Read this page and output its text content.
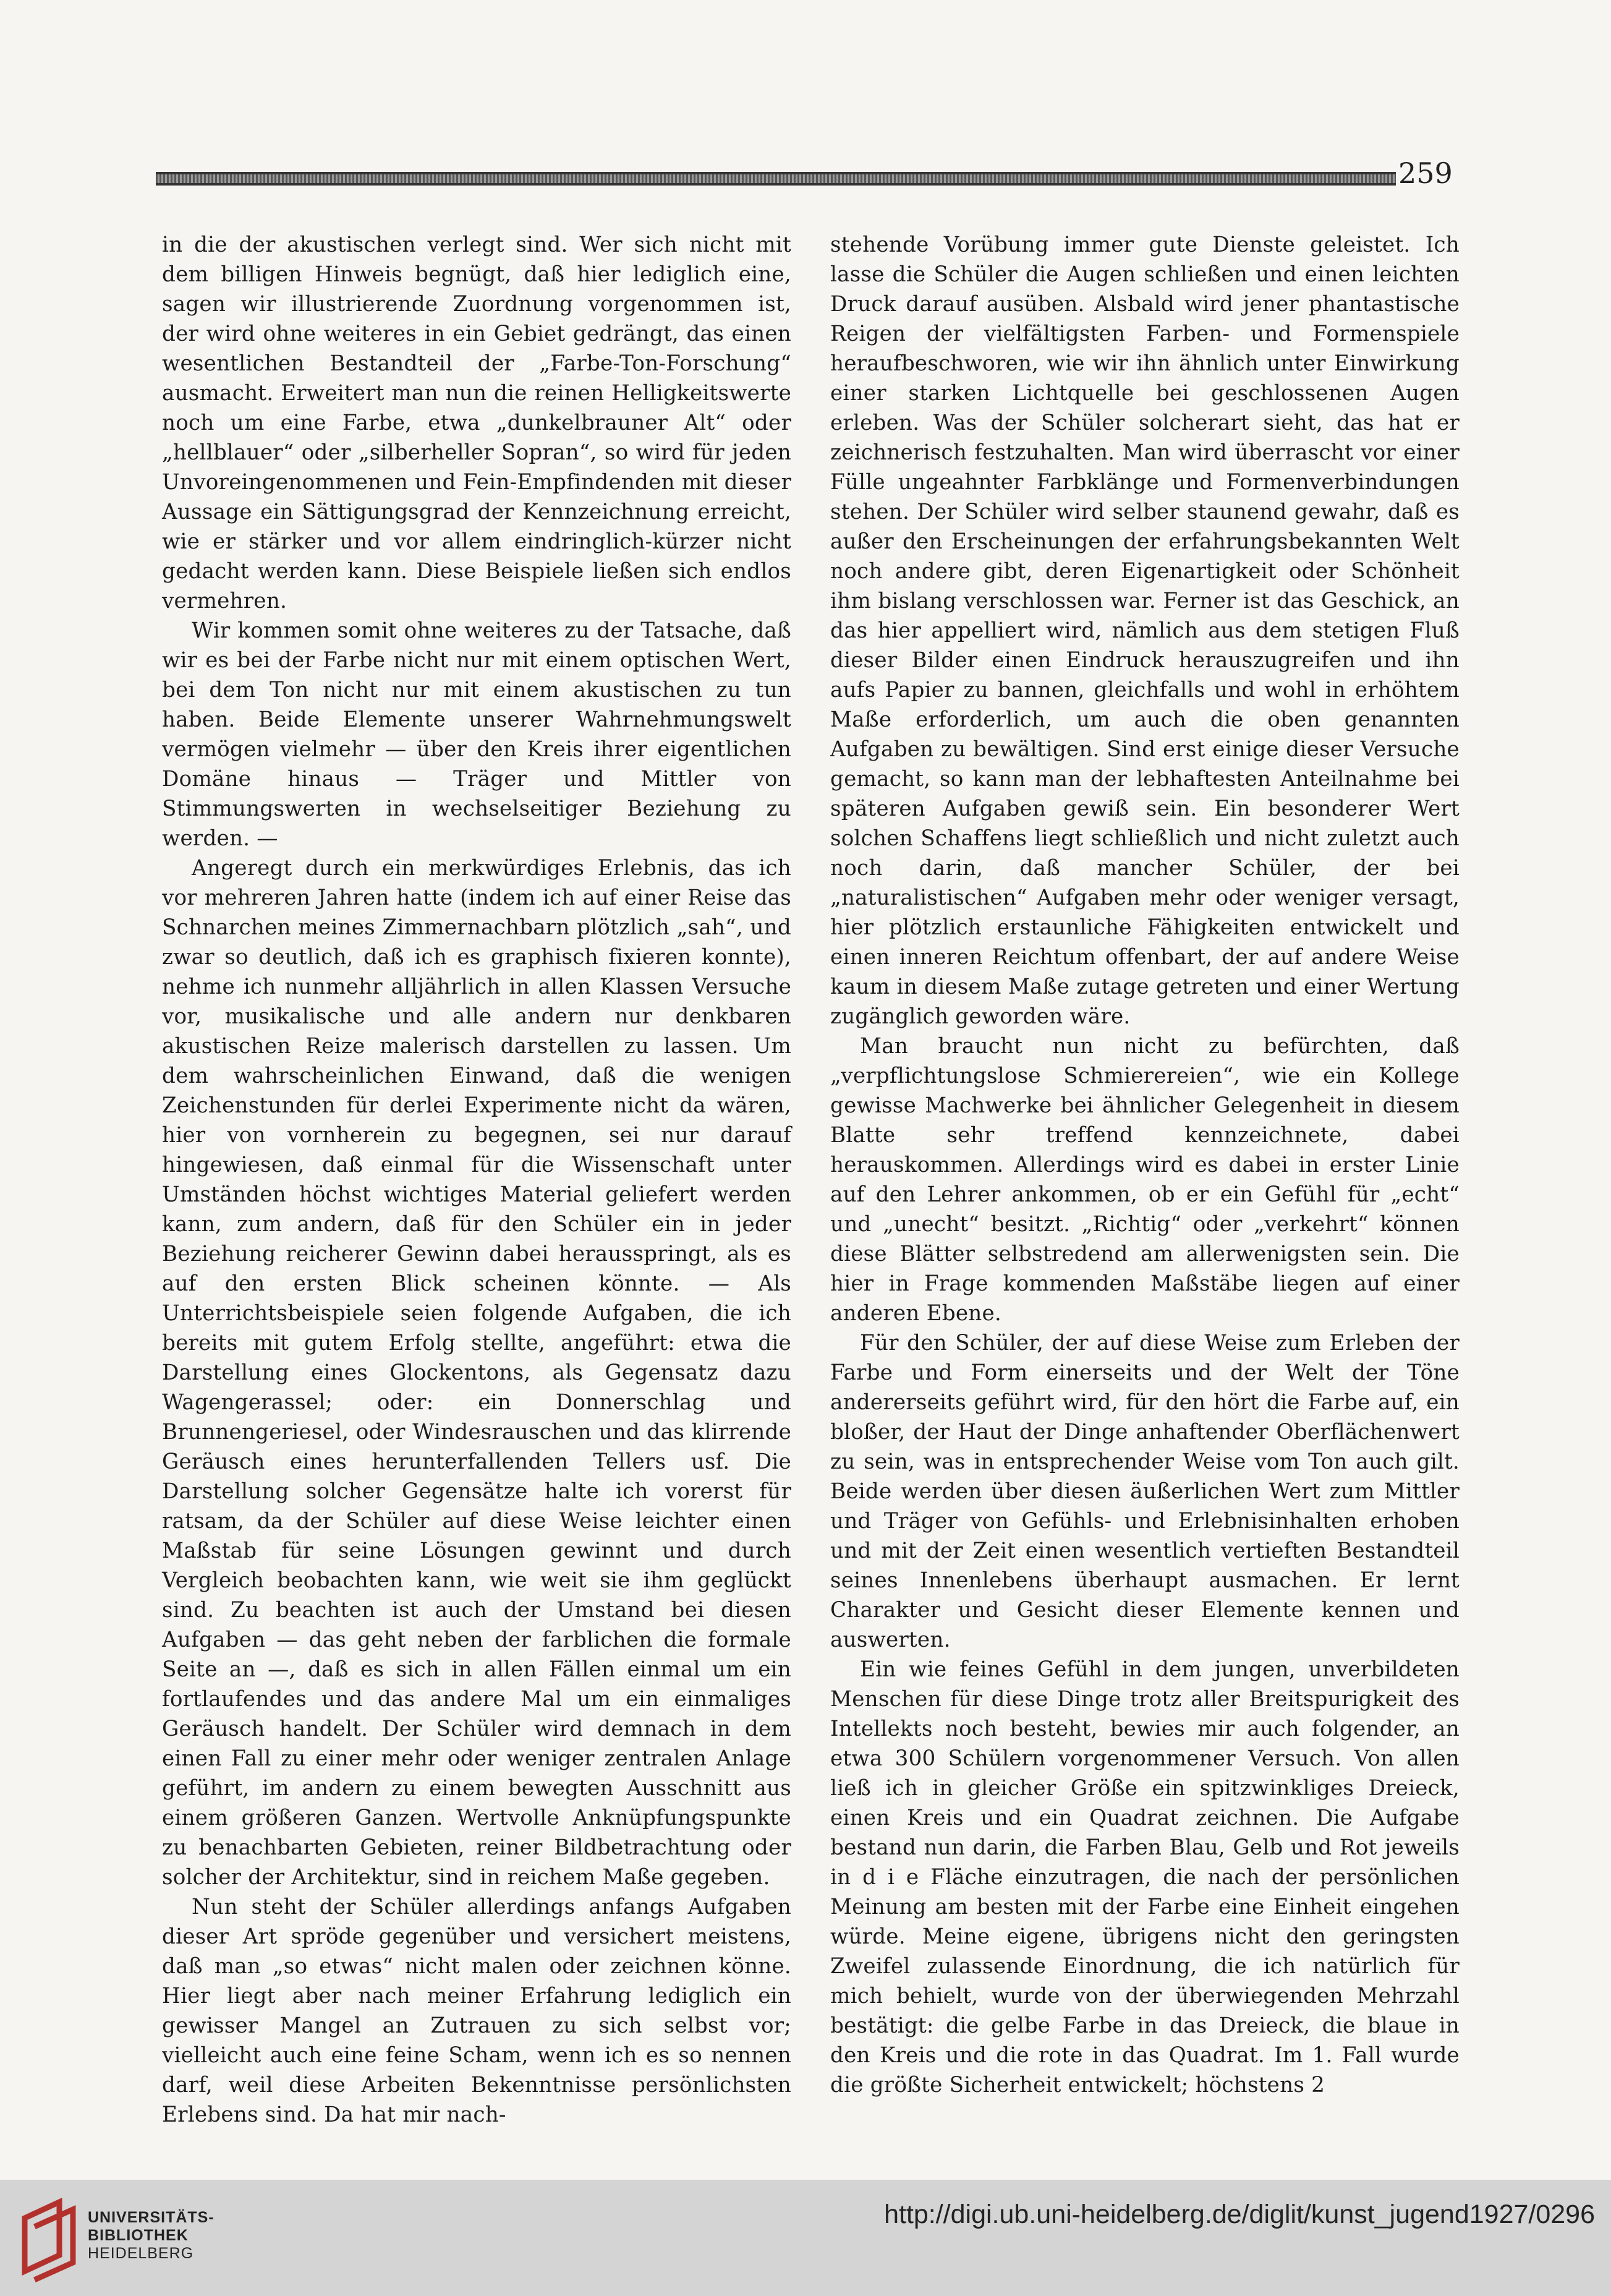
259

in die der akustischen verlegt sind. Wer sich nicht mit dem billigen Hinweis begnügt, daß hier lediglich eine, sagen wir illustrierende Zuordnung vorgenommen ist, der wird ohne weiteres in ein Gebiet gedrängt, das einen wesentlichen Bestandteil der „Farbe-Ton-Forschung“ ausmacht. Erweitert man nun die reinen Helligkeitswerte noch um eine Farbe, etwa „dunkelbrauner Alt“ oder „hellblauer“ oder „silberheller Sopran“, so wird für jeden Unvoreingenommenen und Fein-Empfindenden mit dieser Aussage ein Sättigungsgrad der Kennzeichnung erreicht, wie er stärker und vor allem eindringlich-kürzer nicht gedacht werden kann. Diese Beispiele ließen sich endlos vermehren.

Wir kommen somit ohne weiteres zu der Tatsache, daß wir es bei der Farbe nicht nur mit einem optischen Wert, bei dem Ton nicht nur mit einem akustischen zu tun haben. Beide Elemente unserer Wahrnehmungswelt vermögen vielmehr — über den Kreis ihrer eigentlichen Domäne hinaus — Träger und Mittler von Stimmungswerten in wechselseitiger Beziehung zu werden. —

Angeregt durch ein merkwürdiges Erlebnis, das ich vor mehreren Jahren hatte (indem ich auf einer Reise das Schnarchen meines Zimmernachbarn plötzlich „sah“, und zwar so deutlich, daß ich es graphisch fixieren konnte), nehme ich nunmehr alljährlich in allen Klassen Versuche vor, musikalische und alle andern nur denkbaren akustischen Reize malerisch darstellen zu lassen. Um dem wahrscheinlichen Einwand, daß die wenigen Zeichenstunden für derlei Experimente nicht da wären, hier von vornherein zu begegnen, sei nur darauf hingewiesen, daß einmal für die Wissenschaft unter Umständen höchst wichtiges Material geliefert werden kann, zum andern, daß für den Schüler ein in jeder Beziehung reicherer Gewinn dabei herausspringt, als es auf den ersten Blick scheinen könnte. — Als Unterrichtsbeispiele seien folgende Aufgaben, die ich bereits mit gutem Erfolg stellte, angeführt: etwa die Darstellung eines Glockentons, als Gegensatz dazu Wagengerassel; oder: ein Donnerschlag und Brunnengeriesel, oder Windesrauschen und das klirrende Geräusch eines herunterfallenden Tellers usf. Die Darstellung solcher Gegensätze halte ich vorerst für ratsam, da der Schüler auf diese Weise leichter einen Maßstab für seine Lösungen gewinnt und durch Vergleich beobachten kann, wie weit sie ihm geglückt sind. Zu beachten ist auch der Umstand bei diesen Aufgaben — das geht neben der farblichen die formale Seite an —, daß es sich in allen Fällen einmal um ein fortlaufendes und das andere Mal um ein einmaliges Geräusch handelt. Der Schüler wird demnach in dem einen Fall zu einer mehr oder weniger zentralen Anlage geführt, im andern zu einem bewegten Ausschnitt aus einem größeren Ganzen. Wertvolle Anknüpfungspunkte zu benachbarten Gebieten, reiner Bildbetrachtung oder solcher der Architektur, sind in reichem Maße gegeben.

Nun steht der Schüler allerdings anfangs Aufgaben dieser Art spröde gegenüber und versichert meistens, daß man „so etwas“ nicht malen oder zeichnen könne. Hier liegt aber nach meiner Erfahrung lediglich ein gewisser Mangel an Zutrauen zu sich selbst vor; vielleicht auch eine feine Scham, wenn ich es so nennen darf, weil diese Arbeiten Bekenntnisse persönlichsten Erlebens sind. Da hat mir nach-

stehende Vorübung immer gute Dienste geleistet. Ich lasse die Schüler die Augen schließen und einen leichten Druck darauf ausüben. Alsbald wird jener phantastische Reigen der vielfältigsten Farben- und Formenspiele heraufbeschworen, wie wir ihn ähnlich unter Einwirkung einer starken Lichtquelle bei geschlossenen Augen erleben. Was der Schüler solcherart sieht, das hat er zeichnerisch festzuhalten. Man wird überrascht vor einer Fülle ungeahnter Farbklänge und Formenverbindungen stehen. Der Schüler wird selber staunend gewahr, daß es außer den Erscheinungen der erfahrungsbekannten Welt noch andere gibt, deren Eigenartigkeit oder Schönheit ihm bislang verschlossen war. Ferner ist das Geschick, an das hier appelliert wird, nämlich aus dem stetigen Fluß dieser Bilder einen Eindruck herauszugreifen und ihn aufs Papier zu bannen, gleichfalls und wohl in erhöhtem Maße erforderlich, um auch die oben genannten Aufgaben zu bewältigen. Sind erst einige dieser Versuche gemacht, so kann man der lebhaftesten Anteilnahme bei späteren Aufgaben gewiß sein. Ein besonderer Wert solchen Schaffens liegt schließlich und nicht zuletzt auch noch darin, daß mancher Schüler, der bei „naturalistischen“ Aufgaben mehr oder weniger versagt, hier plötzlich erstaunliche Fähigkeiten entwickelt und einen inneren Reichtum offenbart, der auf andere Weise kaum in diesem Maße zutage getreten und einer Wertung zugänglich geworden wäre.

Man braucht nun nicht zu befürchten, daß „verpflichtungslose Schmierereien“, wie ein Kollege gewisse Machwerke bei ähnlicher Gelegenheit in diesem Blatte sehr treffend kennzeichnete, dabei herauskommen. Allerdings wird es dabei in erster Linie auf den Lehrer ankommen, ob er ein Gefühl für „echt“ und „unecht“ besitzt. „Richtig“ oder „verkehrt“ können diese Blätter selbstredend am allerwenigsten sein. Die hier in Frage kommenden Maßstäbe liegen auf einer anderen Ebene.

Für den Schüler, der auf diese Weise zum Erleben der Farbe und Form einerseits und der Welt der Töne andererseits geführt wird, für den hört die Farbe auf, ein bloßer, der Haut der Dinge anhaftender Oberflächenwert zu sein, was in entsprechender Weise vom Ton auch gilt. Beide werden über diesen äußerlichen Wert zum Mittler und Träger von Gefühls- und Erlebnisinhalten erhoben und mit der Zeit einen wesentlich vertieften Bestandteil seines Innenlebens überhaupt ausmachen. Er lernt Charakter und Gesicht dieser Elemente kennen und auswerten.

Ein wie feines Gefühl in dem jungen, unverbildeten Menschen für diese Dinge trotz aller Breitspurigkeit des Intellekts noch besteht, bewies mir auch folgender, an etwa 300 Schülern vorgenommener Versuch. Von allen ließ ich in gleicher Größe ein spitzwinkliges Dreieck, einen Kreis und ein Quadrat zeichnen. Die Aufgabe bestand nun darin, die Farben Blau, Gelb und Rot jeweils in d i e Fläche einzutragen, die nach der persönlichen Meinung am besten mit der Farbe eine Einheit eingehen würde. Meine eigene, übrigens nicht den geringsten Zweifel zulassende Einordnung, die ich natürlich für mich behielt, wurde von der überwiegenden Mehrzahl bestätigt: die gelbe Farbe in das Dreieck, die blaue in den Kreis und die rote in das Quadrat. Im 1. Fall wurde die größte Sicherheit entwickelt; höchstens 2

UNIVERSITÄTS-
BIBLIOTHEK
HEIDELBERG
http://digi.ub.uni-heidelberg.de/diglit/kunst_jugend1927/0296
